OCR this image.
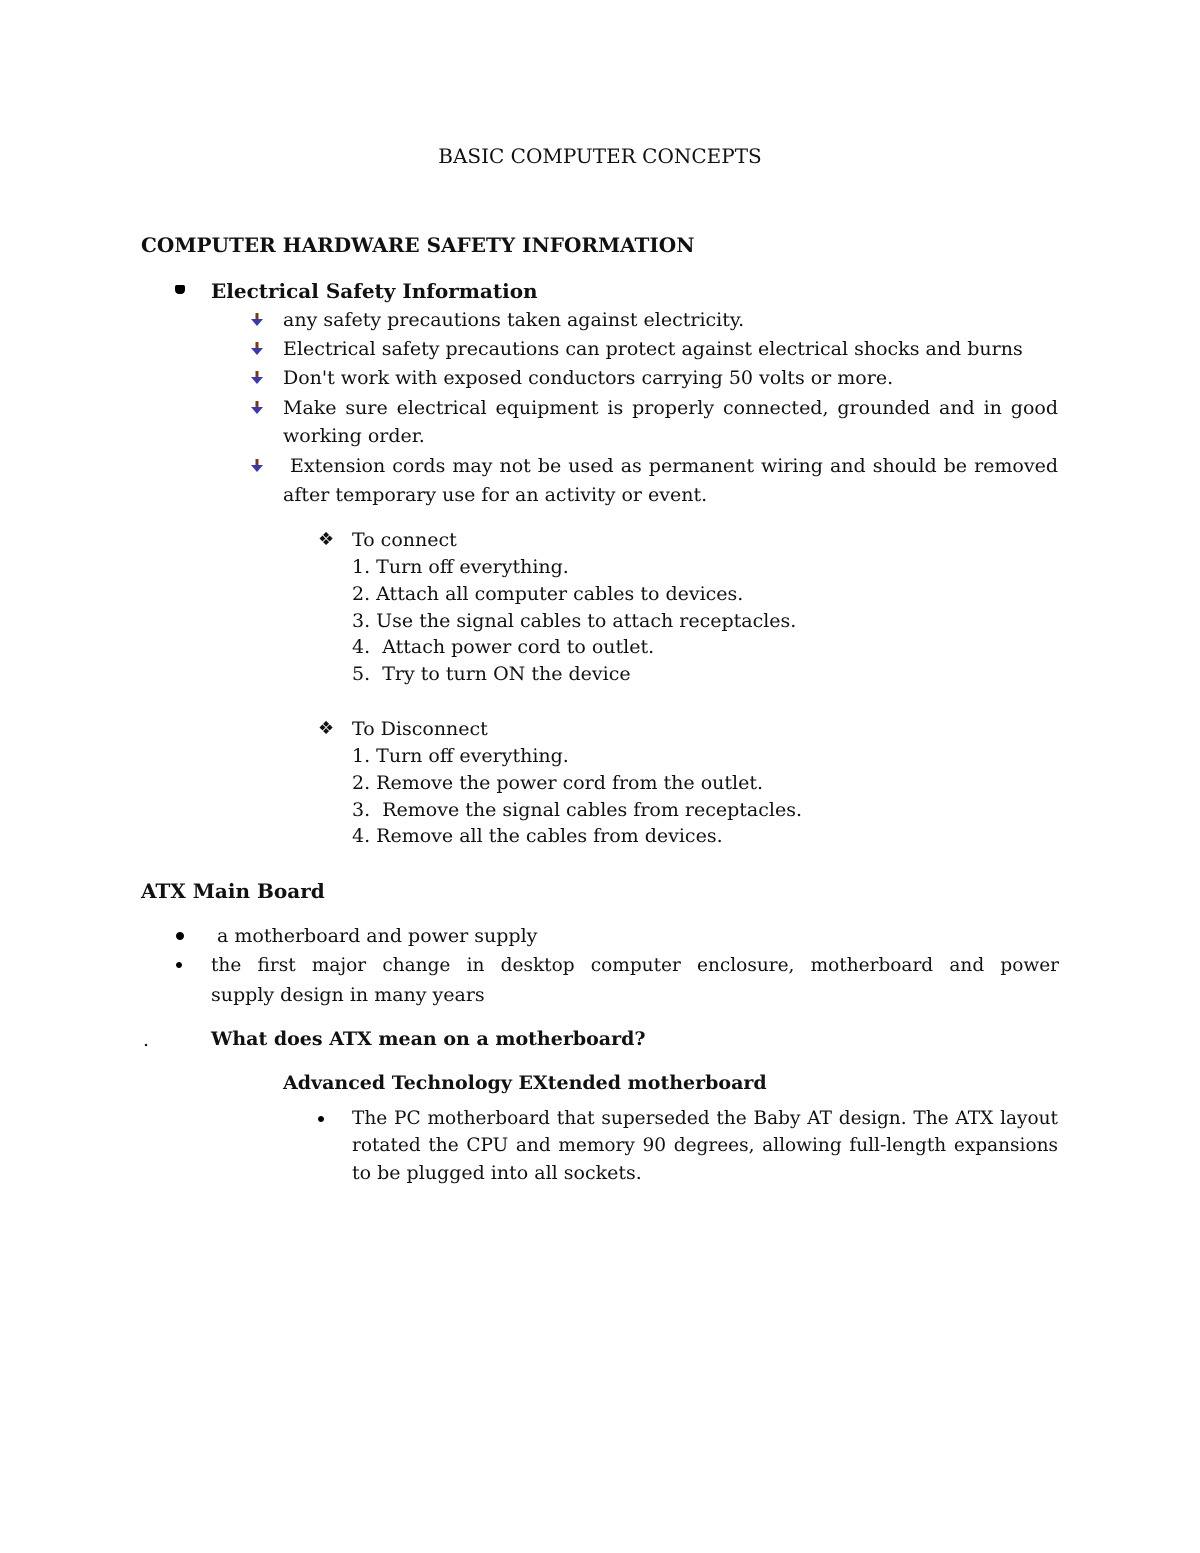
BASIC COMPUTER CONCEPTS
COMPUTER HARDWARE SAFETY INFORMATION
Electrical Safety Information
any safety precautions taken against electricity.
Electrical safety precautions can protect against electrical shocks and burns
Don't work with exposed conductors carrying 50 volts or more.
Make sure electrical equipment is properly connected, grounded and in good
working order.
Extension cords may not be used as permanent wiring and should be removed
after temporary use for an activity or event.
❖ To connect
1. Turn off everything.
2. Attach all computer cables to devices.
3. Use the signal cables to attach receptacles.
4.  Attach power cord to outlet.
5.  Try to turn ON the device
❖ To Disconnect
1. Turn off everything.
2. Remove the power cord from the outlet.
3.  Remove the signal cables from receptacles.
4. Remove all the cables from devices.
ATX Main Board
a motherboard and power supply
the first major change in desktop computer enclosure, motherboard and power
supply design in many years
.	What does ATX mean on a motherboard?
Advanced Technology EXtended motherboard
The PC motherboard that superseded the Baby AT design. The ATX layout
rotated the CPU and memory 90 degrees, allowing full-length expansions
to be plugged into all sockets.
